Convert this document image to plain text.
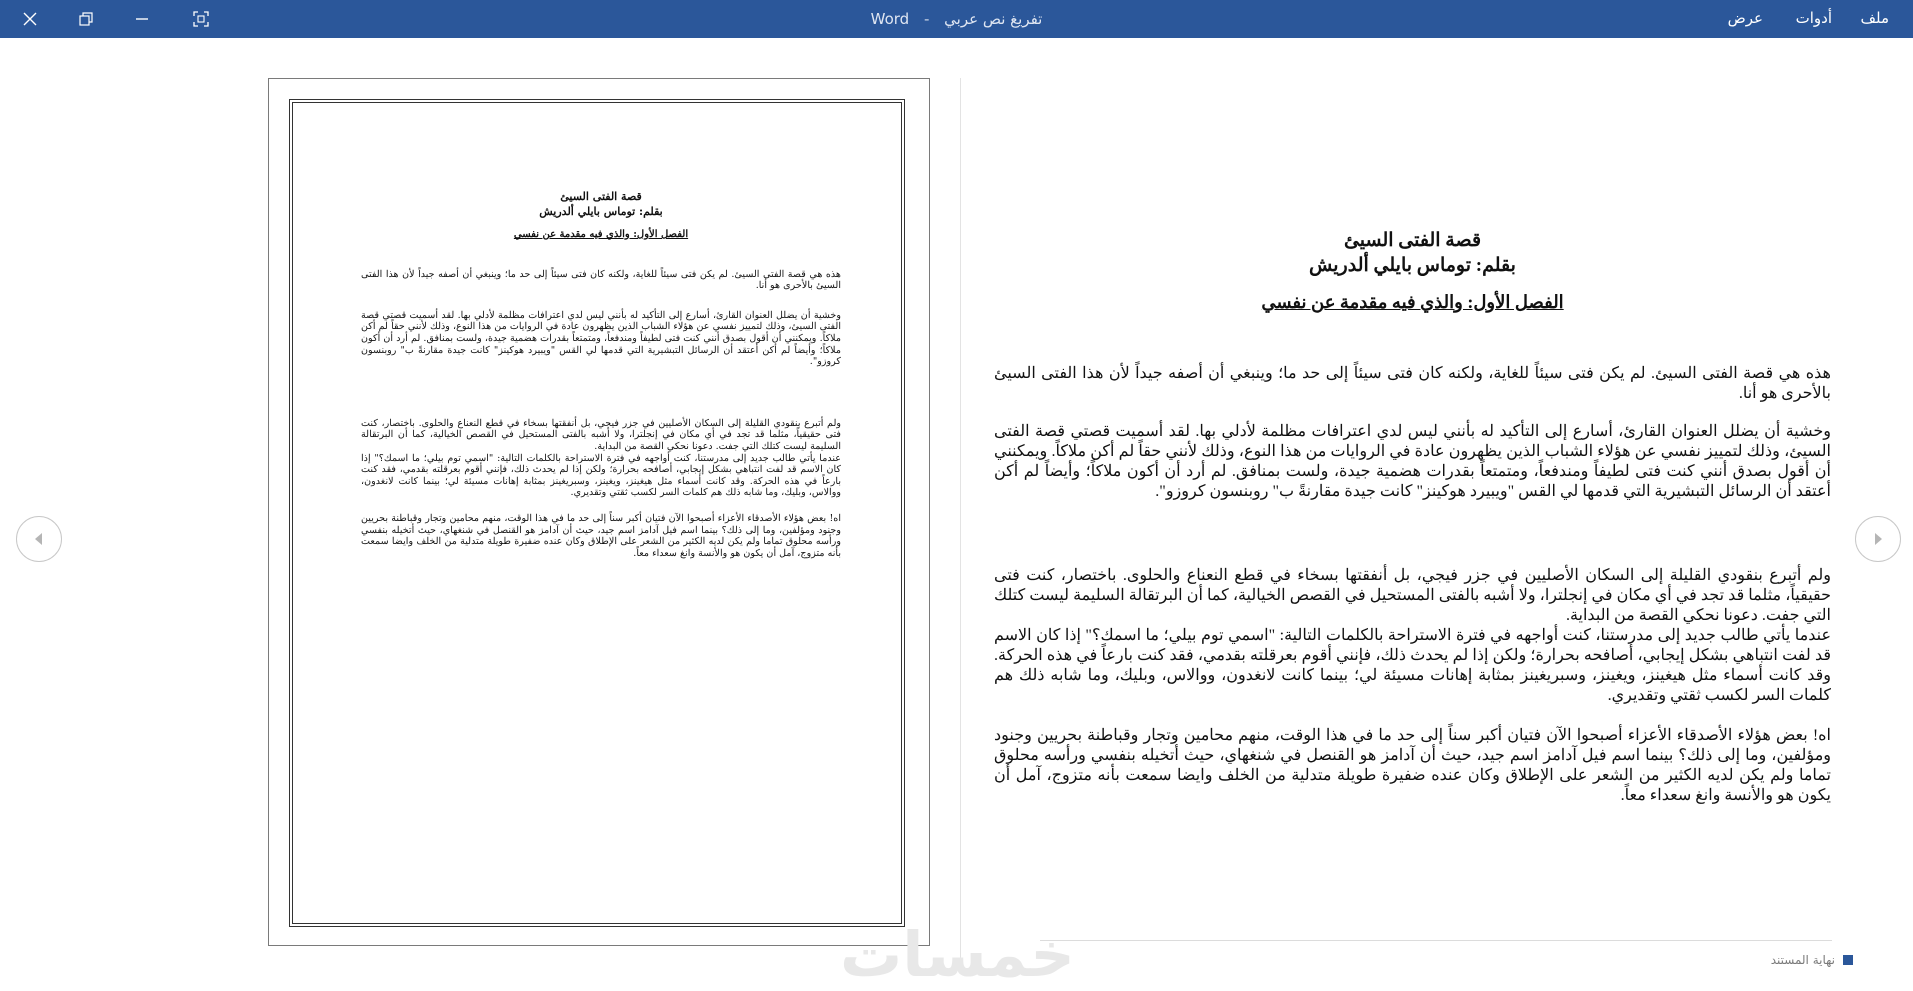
تفريغ نص عربي - Word	ملف
أدوات
عرض

قصة الفتى السيئ

بقلم: توماس بايلي ألدريش

الفصل الأول: والذي فيه مقدمة عن نفسي

هذه هي قصة الفتى السيئ. لم يكن فتى سيئاً للغاية، ولكنه كان فتى سيئاً إلى حد ما؛ وينبغي أن أصفه جيداً لأن هذا الفتى السيئ بالأحرى هو أنا.

وخشية أن يضلل العنوان القارئ، أسارع إلى التأكيد له بأنني ليس لدي اعترافات مظلمة لأدلي بها. لقد أسميت قصتي قصة الفتى السيئ، وذلك لتمييز نفسي عن هؤلاء الشباب الذين يظهرون عادة في الروايات من هذا النوع، وذلك لأنني حقاً لم أكن ملاكاً. ويمكنني أن أقول بصدق أنني كنت فتى لطيفاً ومندفعاً، ومتمتعاً بقدرات هضمية جيدة، ولست بمنافق. لم أرد أن أكون ملاكاً؛ وأيضاً لم أكن أعتقد أن الرسائل التبشيرية التي قدمها لي القس "ويبيرد هوكينز" كانت جيدة مقارنةً ب" روبنسون كروزو".

ولم أتبرع بنقودي القليلة إلى السكان الأصليين في جزر فيجي، بل أنفقتها بسخاء في قطع النعناع والحلوى. باختصار، كنت فتى حقيقياً، مثلما قد تجد في أي مكان في إنجلترا، ولا أشبه بالفتى المستحيل في القصص الخيالية، كما أن البرتقالة السليمة ليست كتلك التي جفت. دعونا نحكي القصة من البداية.

عندما يأتي طالب جديد إلى مدرستنا، كنت أواجهه في فترة الاستراحة بالكلمات التالية: "اسمي توم بيلي؛ ما اسمك؟" إذا كان الاسم قد لفت انتباهي بشكل إيجابي، أصافحه بحرارة؛ ولكن إذا لم يحدث ذلك، فإنني أقوم بعرقلته بقدمي، فقد كنت بارعاً في هذه الحركة. وقد كانت أسماء مثل هيغينز، ويغينز، وسبريغينز بمثابة إهانات مسيئة لي؛ بينما كانت لانغدون، ووالاس، وبليك، وما شابه ذلك هم كلمات السر لكسب ثقتي وتقديري.

اه! بعض هؤلاء الأصدقاء الأعزاء أصبحوا الآن فتيان أكبر سناً إلى حد ما في هذا الوقت، منهم محامين وتجار وقباطنة بحريين وجنود ومؤلفين، وما إلى ذلك؟ بينما اسم فيل آدامز اسم جيد، حيث أن آدامز هو القنصل في شنغهاي، حيث أتخيله بنفسي ورأسه محلوق تماما ولم يكن لديه الكثير من الشعر على الإطلاق وكان عنده ضفيرة طويلة متدلية من الخلف وايضا سمعت بأنه متزوج، آمل أن يكون هو والأنسة وانغ سعداء معاً.

قصة الفتى السيئ

بقلم: توماس بايلي ألدريش

الفصل الأول: والذي فيه مقدمة عن نفسي

هذه هي قصة الفتى السيئ. لم يكن فتى سيئاً للغاية، ولكنه كان فتى سيئاً إلى حد ما؛ وينبغي أن أصفه جيداً لأن هذا الفتى السيئ بالأحرى هو أنا.

وخشية أن يضلل العنوان القارئ، أسارع إلى التأكيد له بأنني ليس لدي اعترافات مظلمة لأدلي بها. لقد أسميت قصتي قصة الفتى السيئ، وذلك لتمييز نفسي عن هؤلاء الشباب الذين يظهرون عادة في الروايات من هذا النوع، وذلك لأنني حقاً لم أكن ملاكاً. ويمكنني أن أقول بصدق أنني كنت فتى لطيفاً ومندفعاً، ومتمتعاً بقدرات هضمية جيدة، ولست بمنافق. لم أرد أن أكون ملاكاً؛ وأيضاً لم أكن أعتقد أن الرسائل التبشيرية التي قدمها لي القس "ويبيرد هوكينز" كانت جيدة مقارنةً ب" روبنسون كروزو".

ولم أتبرع بنقودي القليلة إلى السكان الأصليين في جزر فيجي، بل أنفقتها بسخاء في قطع النعناع والحلوى. باختصار، كنت فتى حقيقياً، مثلما قد تجد في أي مكان في إنجلترا، ولا أشبه بالفتى المستحيل في القصص الخيالية، كما أن البرتقالة السليمة ليست كتلك التي جفت. دعونا نحكي القصة من البداية.

عندما يأتي طالب جديد إلى مدرستنا، كنت أواجهه في فترة الاستراحة بالكلمات التالية: "اسمي توم بيلي؛ ما اسمك؟" إذا كان الاسم قد لفت انتباهي بشكل إيجابي، أصافحه بحرارة؛ ولكن إذا لم يحدث ذلك، فإنني أقوم بعرقلته بقدمي، فقد كنت بارعاً في هذه الحركة. وقد كانت أسماء مثل هيغينز، ويغينز، وسبريغينز بمثابة إهانات مسيئة لي؛ بينما كانت لانغدون، ووالاس، وبليك، وما شابه ذلك هم كلمات السر لكسب ثقتي وتقديري.

اه! بعض هؤلاء الأصدقاء الأعزاء أصبحوا الآن فتيان أكبر سناً إلى حد ما في هذا الوقت، منهم محامين وتجار وقباطنة بحريين وجنود ومؤلفين، وما إلى ذلك؟ بينما اسم فيل آدامز اسم جيد، حيث أن آدامز هو القنصل في شنغهاي، حيث أتخيله بنفسي ورأسه محلوق تماما ولم يكن لديه الكثير من الشعر على الإطلاق وكان عنده ضفيرة طويلة متدلية من الخلف وايضا سمعت بأنه متزوج، آمل أن يكون هو والأنسة وانغ سعداء معاً.

نهاية المستند
خمسات
